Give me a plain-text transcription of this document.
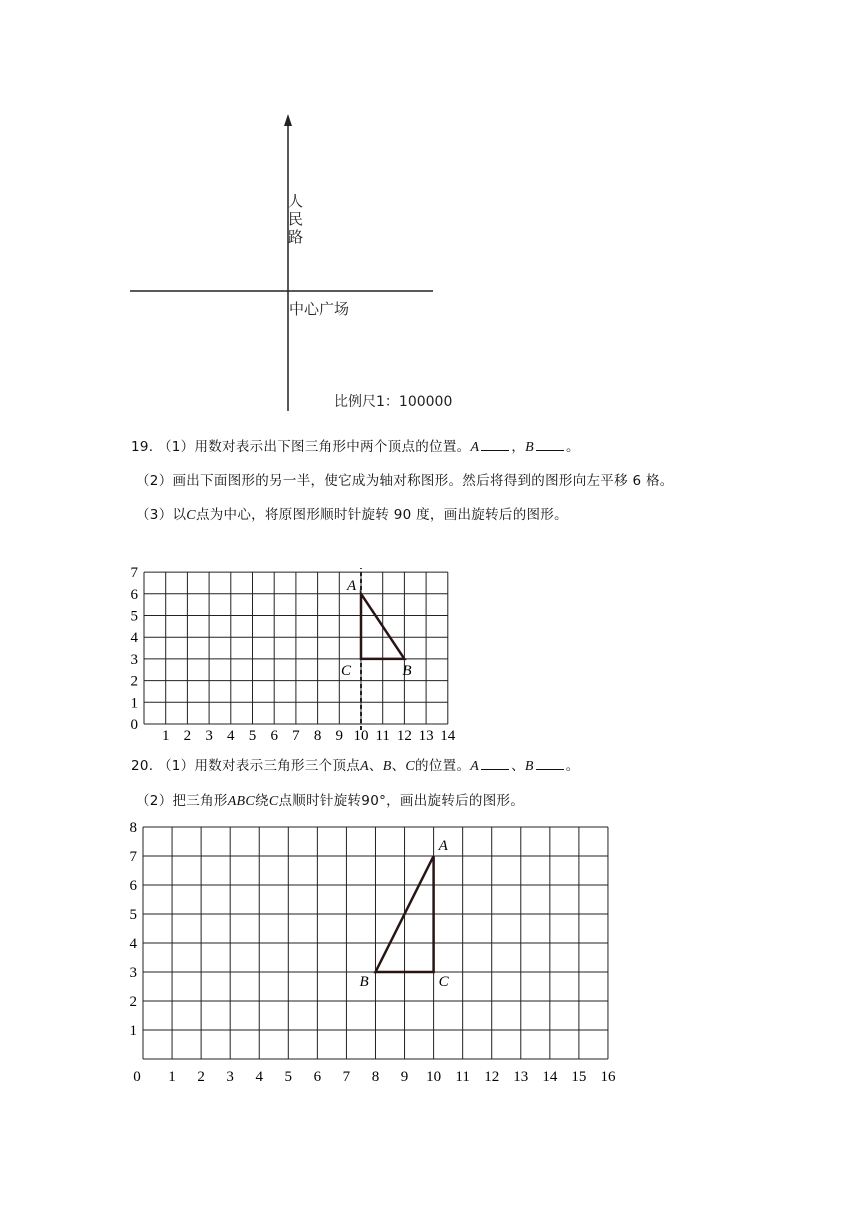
人
民
路
中心广场
比例尺1：100000
19. （1）用数对表示出下图三角形中两个顶点的位置。A ，B 。
（2）画出下面图形的另一半，使它成为轴对称图形。然后将得到的图形向左平移 6 格。
（3）以C点为中心，将原图形顺时针旋转 90 度，画出旋转后的图形。
1 2 3 4 5 6 7 8 9 10 11 12 13 14
0
1
2
3
4
5
6
7
A
B
C
20. （1）用数对表示三角形三个顶点A、B、C的位置。A 、B 。
（2）把三角形ABC绕C点顺时针旋转90°，画出旋转后的图形。
0 1 2 3 4 5 6 7 8 9 10 11 12 13 14 15 16
1
2
3
4
5
6
7
8
A
B	C
